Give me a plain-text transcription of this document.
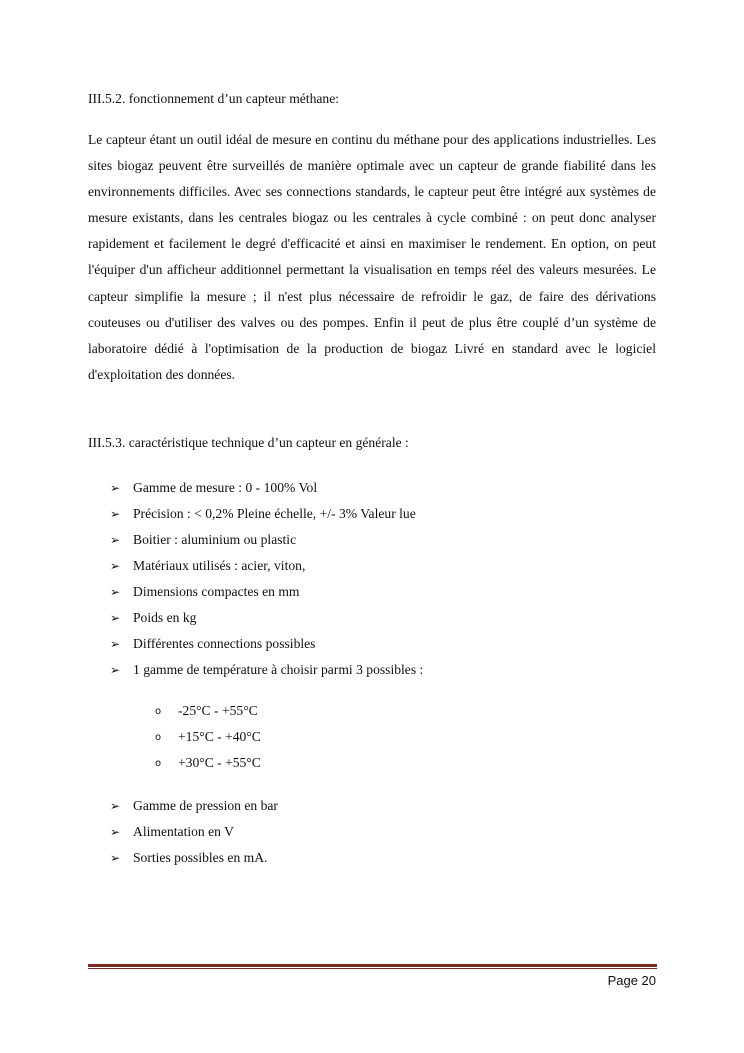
III.5.2. fonctionnement d’un capteur méthane:

Le capteur étant un outil idéal de mesure en continu du méthane pour des applications industrielles. Les sites biogaz peuvent être surveillés de manière optimale avec un capteur de grande fiabilité dans les environnements difficiles. Avec ses connections standards, le capteur peut être intégré aux systèmes de mesure existants, dans les centrales biogaz ou les centrales à cycle combiné : on peut donc analyser rapidement et facilement le degré d'efficacité et ainsi en maximiser le rendement. En option, on peut l'équiper d'un afficheur additionnel permettant la visualisation en temps réel des valeurs mesurées. Le capteur simplifie la mesure ; il n'est plus nécessaire de refroidir le gaz, de faire des dérivations couteuses ou d'utiliser des valves ou des pompes. Enfin il peut de plus être couplé d’un système de laboratoire dédié à l'optimisation de la production de biogaz Livré en standard avec le logiciel d'exploitation des données.

III.5.3. caractéristique technique d’un capteur en générale :
➢ Gamme de mesure : 0 - 100% Vol
➢ Précision : < 0,2% Pleine échelle, +/- 3% Valeur lue
➢ Boitier : aluminium ou plastic
➢ Matériaux utilisés : acier, viton,
➢ Dimensions compactes en mm
➢ Poids en kg
➢ Différentes connections possibles
➢ 1 gamme de température à choisir parmi 3 possibles :
o -25°C - +55°C
o +15°C - +40°C
o +30°C - +55°C
➢ Gamme de pression en bar
➢ Alimentation en V
➢ Sorties possibles en mA.
Page 20
